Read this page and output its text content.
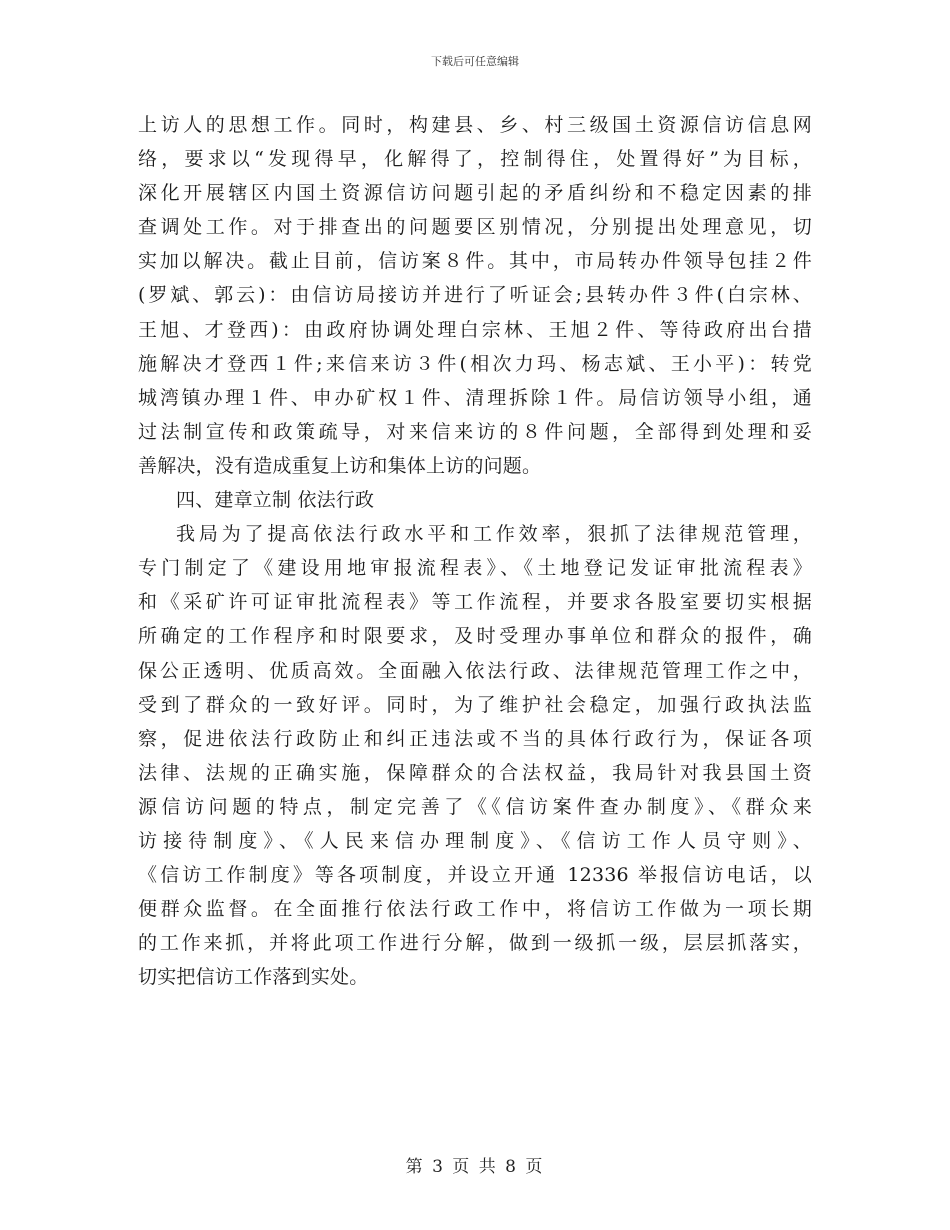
下载后可任意编辑
上访人的思想工作。同时，构建县、乡、村三级国土资源信访信息网
络，要求以“发现得早，化解得了，控制得住，处置得好”为目标，
深化开展辖区内国土资源信访问题引起的矛盾纠纷和不稳定因素的排
查调处工作。对于排查出的问题要区别情况，分别提出处理意见，切
实加以解决。截止目前，信访案８件。其中，市局转办件领导包挂２件
(罗斌、郭云)：由信访局接访并进行了听证会;县转办件３件(白宗林、
王旭、才登西)：由政府协调处理白宗林、王旭２件、等待政府出台措
施解决才登西１件;来信来访３件(相次力玛、杨志斌、王小平)：转党
城湾镇办理１件、申办矿权１件、清理拆除１件。局信访领导小组，通
过法制宣传和政策疏导，对来信来访的８件问题，全部得到处理和妥
善解决，没有造成重复上访和集体上访的问题。
四、建章立制 依法行政
我局为了提高依法行政水平和工作效率，狠抓了法律规范管理，
专门制定了《建设用地审报流程表》、《土地登记发证审批流程表》
和《采矿许可证审批流程表》等工作流程，并要求各股室要切实根据
所确定的工作程序和时限要求，及时受理办事单位和群众的报件，确
保公正透明、优质高效。全面融入依法行政、法律规范管理工作之中，
受到了群众的一致好评。同时，为了维护社会稳定，加强行政执法监
察，促进依法行政防止和纠正违法或不当的具体行政行为，保证各项
法律、法规的正确实施，保障群众的合法权益，我局针对我县国土资
源信访问题的特点，制定完善了《《信访案件查办制度》、《群众来
访接待制度》、《人民来信办理制度》、《信访工作人员守则》、
《信访工作制度》等各项制度，并设立开通 12336 举报信访电话，以
便群众监督。在全面推行依法行政工作中，将信访工作做为一项长期
的工作来抓，并将此项工作进行分解，做到一级抓一级，层层抓落实，
切实把信访工作落到实处。
第 3 页 共 8 页
